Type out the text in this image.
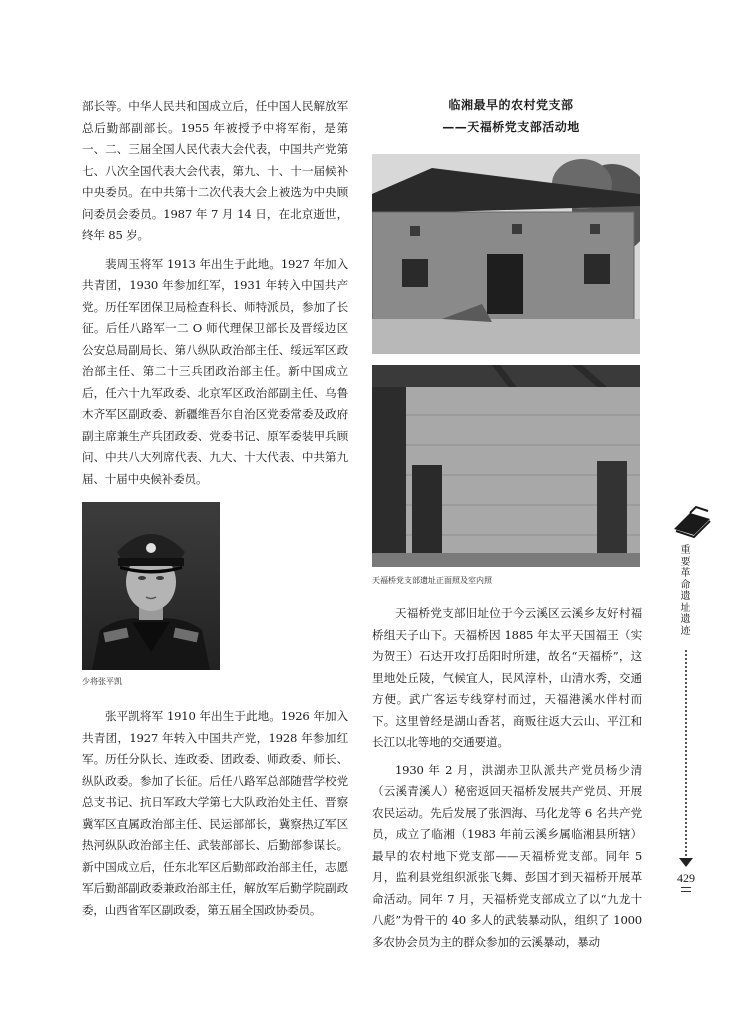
部长等。中华人民共和国成立后，任中国人民解放军总后勤部副部长。1955 年被授予中将军衔，是第一、二、三届全国人民代表大会代表，中国共产党第七、八次全国代表大会代表，第九、十、十一届候补中央委员。在中共第十二次代表大会上被选为中央顾问委员会委员。1987 年 7 月 14 日，在北京逝世，终年 85 岁。

裴周玉将军 1913 年出生于此地。1927 年加入共青团，1930 年参加红军，1931 年转入中国共产党。历任军团保卫局检查科长、师特派员，参加了长征。后任八路军一二 O 师代理保卫部长及晋绥边区公安总局副局长、第八纵队政治部主任、绥远军区政治部主任、第二十三兵团政治部主任。新中国成立后，任六十九军政委、北京军区政治部副主任、乌鲁木齐军区副政委、新疆维吾尔自治区党委常委及政府副主席兼生产兵团政委、党委书记、原军委装甲兵顾问、中共八大列席代表、九大、十大代表、中共第九届、十届中央候补委员。

少将张平凯

张平凯将军 1910 年出生于此地。1926 年加入共青团，1927 年转入中国共产党，1928 年参加红军。历任分队长、连政委、团政委、师政委、师长、纵队政委。参加了长征。后任八路军总部随营学校党总支书记、抗日军政大学第七大队政治处主任、晋察冀军区直属政治部主任、民运部部长，冀察热辽军区热河纵队政治部主任、武装部部长、后勤部参谋长。新中国成立后，任东北军区后勤部政治部主任，志愿军后勤部副政委兼政治部主任，解放军后勤学院副政委，山西省军区副政委，第五届全国政协委员。

临湘最早的农村党支部

——天福桥党支部活动地

天福桥党支部遗址正面照及室内照

天福桥党支部旧址位于今云溪区云溪乡友好村福桥组天子山下。天福桥因 1885 年太平天国福王（实为贺王）石达开攻打岳阳时所建，故名“天福桥”，这里地处丘陵，气候宜人，民风淳朴，山清水秀，交通方便。武广客运专线穿村而过，天福港溪水伴村而下。这里曾经是湖山香茗，商贩往返大云山、平江和长江以北等地的交通要道。

1930 年 2 月，洪湖赤卫队派共产党员杨少清（云溪青溪人）秘密返回天福桥发展共产党员、开展农民运动。先后发展了张泗海、马化龙等 6 名共产党员，成立了临湘（1983 年前云溪乡属临湘县所辖）最早的农村地下党支部——天福桥党支部。同年 5 月，监利县党组织派张飞舞、彭国才到天福桥开展革命活动。同年 7 月，天福桥党支部成立了以“九龙十八彪”为骨干的 40 多人的武装暴动队，组织了 1000 多农协会员为主的群众参加的云溪暴动，暴动

重要革命遗址遗迹
429
